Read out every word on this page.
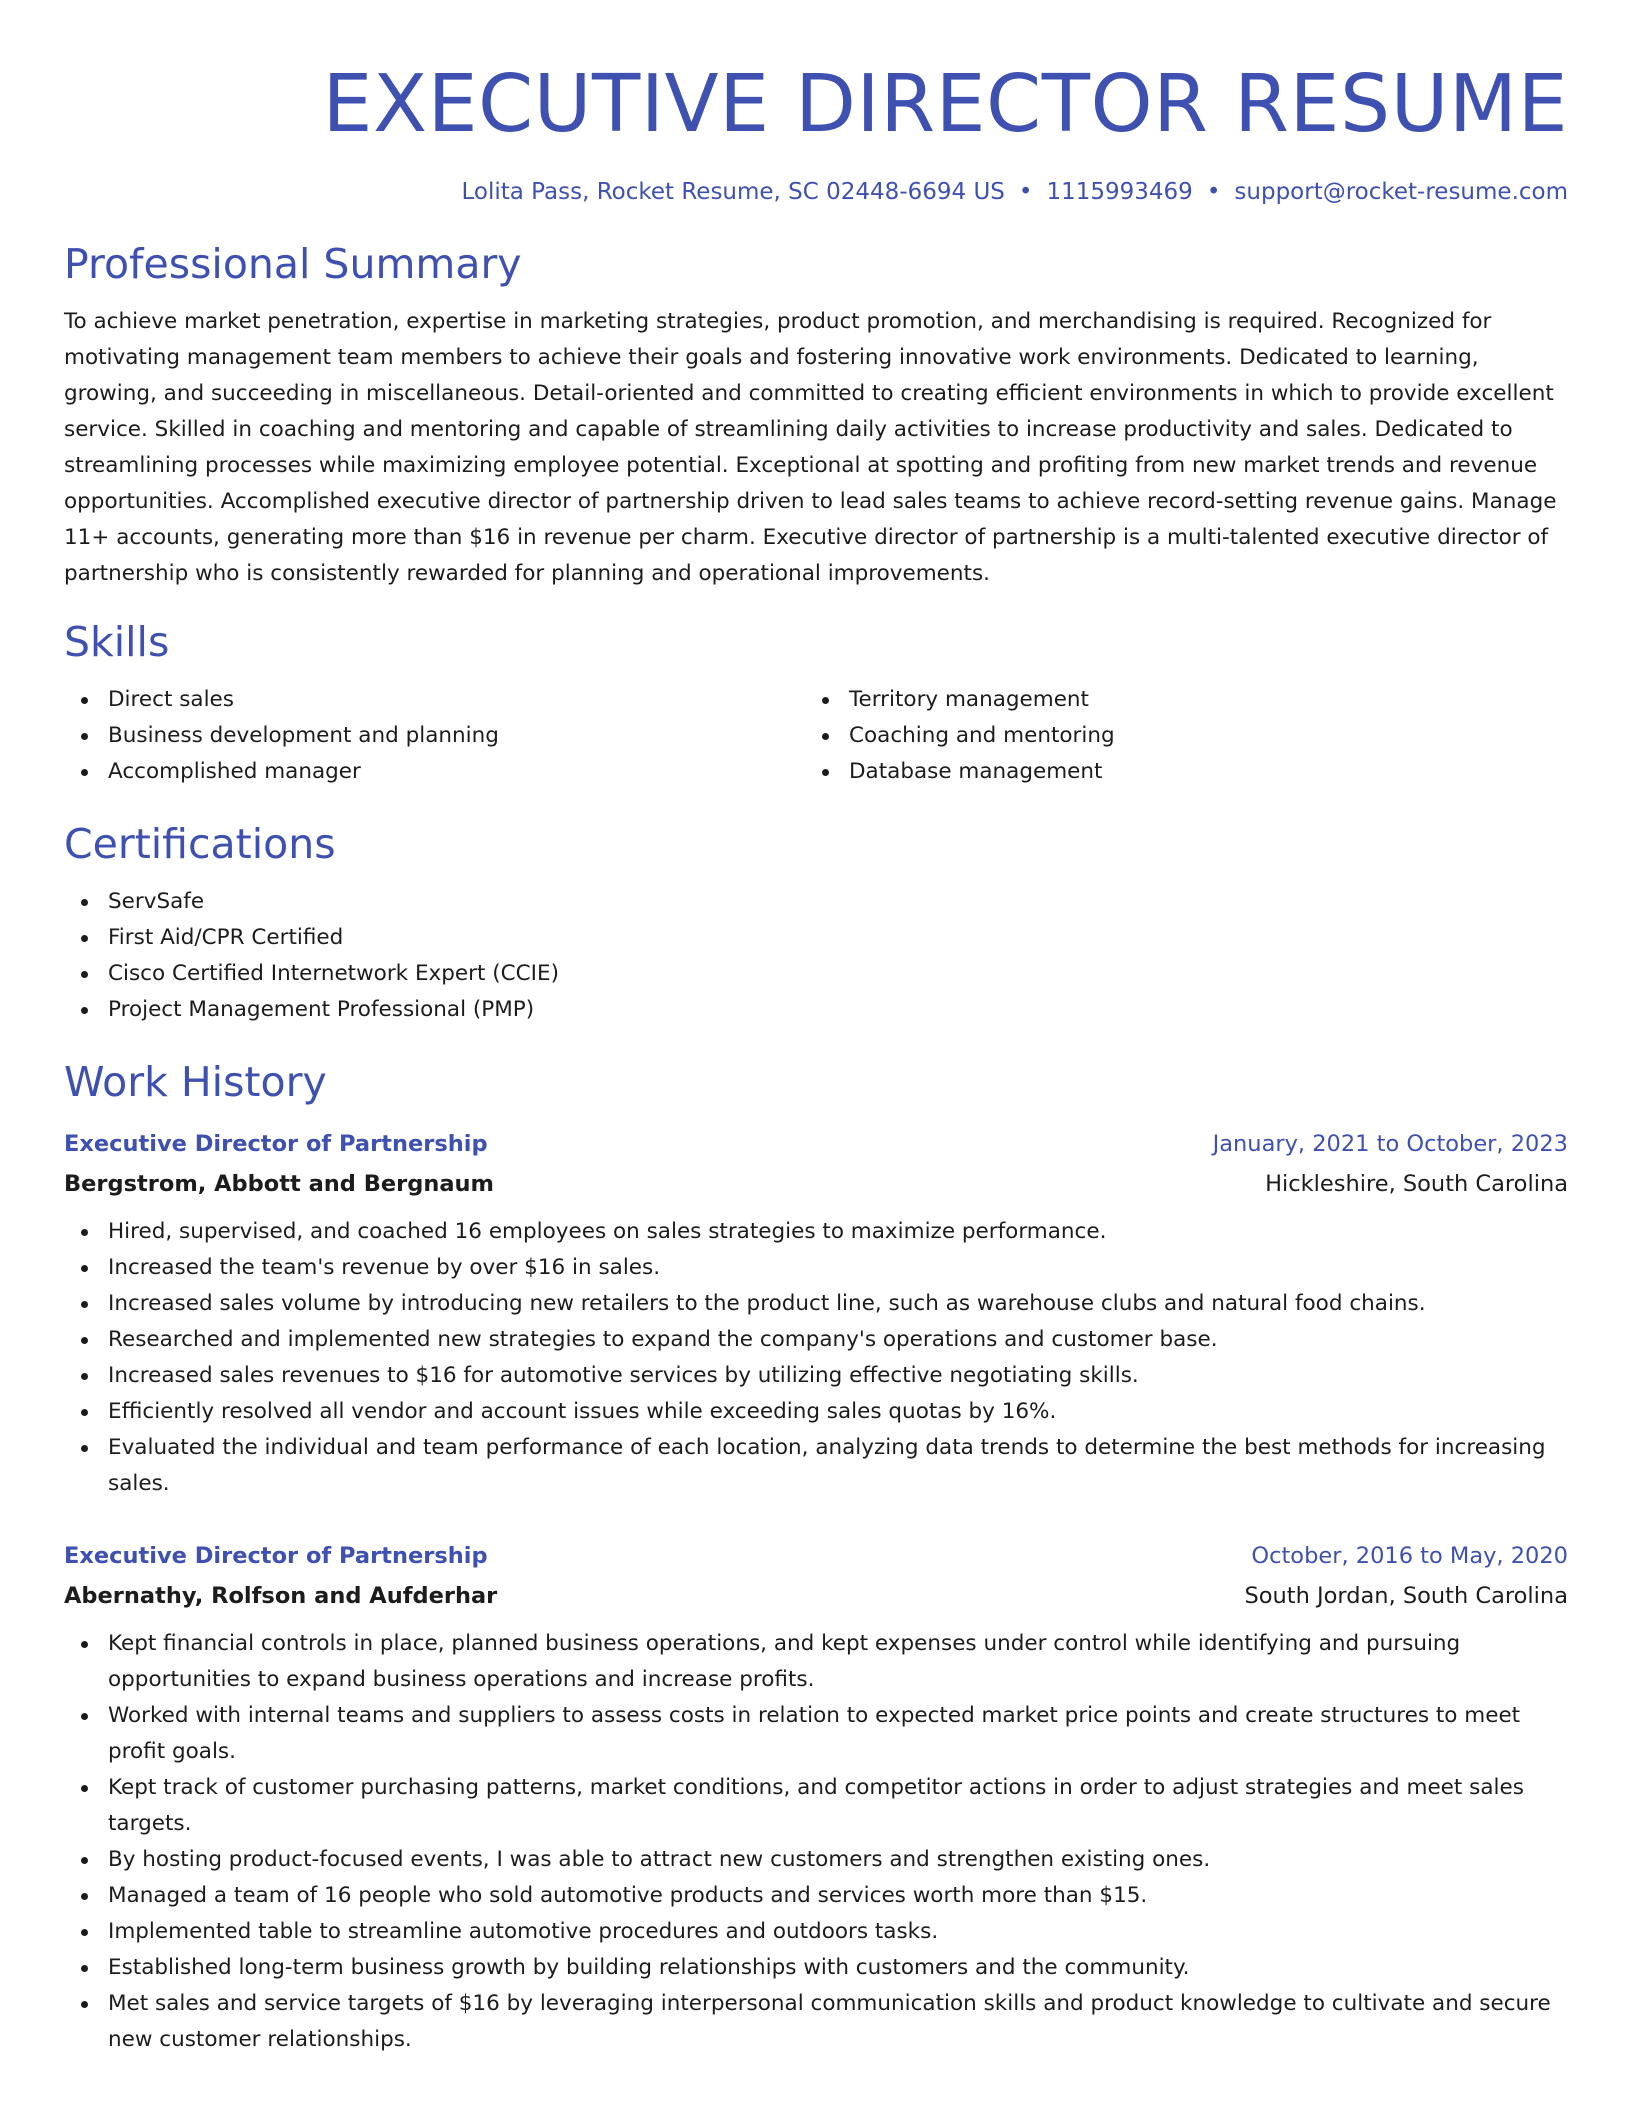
EXECUTIVE DIRECTOR RESUME
Lolita Pass, Rocket Resume, SC 02448-6694 US • 1115993469 • support@rocket-resume.com
Professional Summary

To achieve market penetration, expertise in marketing strategies, product promotion, and merchandising is required. Recognized for motivating management team members to achieve their goals and fostering innovative work environments. Dedicated to learning, growing, and succeeding in miscellaneous. Detail-oriented and committed to creating efficient environments in which to provide excellent service. Skilled in coaching and mentoring and capable of streamlining daily activities to increase productivity and sales. Dedicated to streamlining processes while maximizing employee potential. Exceptional at spotting and profiting from new market trends and revenue opportunities. Accomplished executive director of partnership driven to lead sales teams to achieve record-setting revenue gains. Manage 11+ accounts, generating more than $16 in revenue per charm. Executive director of partnership is a multi-talented executive director of partnership who is consistently rewarded for planning and operational improvements.

Skills
Direct sales
Business development and planning
Accomplished manager
Territory management
Coaching and mentoring
Database management
Certifications
ServSafe
First Aid/CPR Certified
Cisco Certified Internetwork Expert (CCIE)
Project Management Professional (PMP)
Work History
Executive Director of Partnership	January, 2021 to October, 2023
Bergstrom, Abbott and Bergnaum	Hickleshire, South Carolina
Hired, supervised, and coached 16 employees on sales strategies to maximize performance.
Increased the team's revenue by over $16 in sales.
Increased sales volume by introducing new retailers to the product line, such as warehouse clubs and natural food chains.
Researched and implemented new strategies to expand the company's operations and customer base.
Increased sales revenues to $16 for automotive services by utilizing effective negotiating skills.
Efficiently resolved all vendor and account issues while exceeding sales quotas by 16%.
Evaluated the individual and team performance of each location, analyzing data trends to determine the best methods for increasing sales.
Executive Director of Partnership	October, 2016 to May, 2020
Abernathy, Rolfson and Aufderhar	South Jordan, South Carolina
Kept financial controls in place, planned business operations, and kept expenses under control while identifying and pursuing opportunities to expand business operations and increase profits.
Worked with internal teams and suppliers to assess costs in relation to expected market price points and create structures to meet profit goals.
Kept track of customer purchasing patterns, market conditions, and competitor actions in order to adjust strategies and meet sales targets.
By hosting product-focused events, I was able to attract new customers and strengthen existing ones.
Managed a team of 16 people who sold automotive products and services worth more than $15.
Implemented table to streamline automotive procedures and outdoors tasks.
Established long-term business growth by building relationships with customers and the community.
Met sales and service targets of $16 by leveraging interpersonal communication skills and product knowledge to cultivate and secure new customer relationships.
